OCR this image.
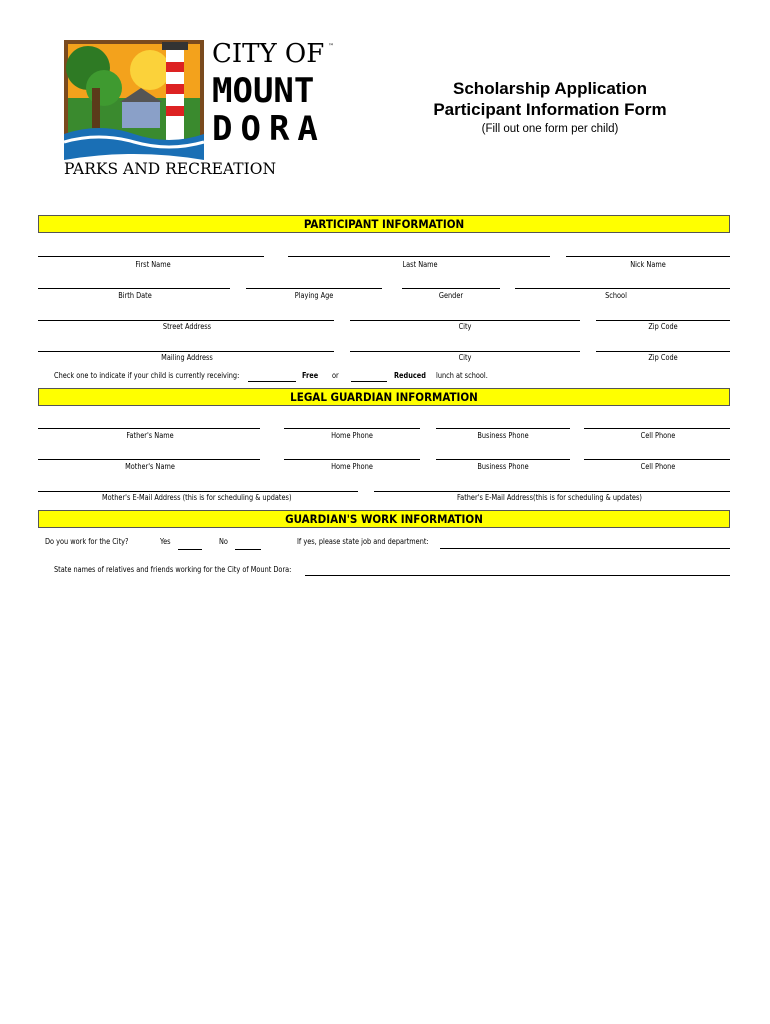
CITY OF ™
MOUNT
DORA
PARKS AND RECREATION
Scholarship Application
Participant Information Form
(Fill out one form per child)
PARTICIPANT INFORMATION
First Name	Last Name	Nick Name
Birth Date	Playing Age	Gender	School
Street Address	City	Zip Code
Mailing Address	City	Zip Code
Check one to indicate if your child is currently receiving:	Free or	Reduced lunch at school.
LEGAL GUARDIAN INFORMATION
Father's Name	Home Phone	Business Phone	Cell Phone
Mother's Name	Home Phone	Business Phone	Cell Phone
Mother's E-Mail Address (this is for scheduling & updates)	Father's E-Mail Address(this is for scheduling & updates)
GUARDIAN'S WORK INFORMATION
Do you work for the City?	Yes	No	If yes, please state job and department:
State names of relatives and friends working for the City of Mount Dora:
